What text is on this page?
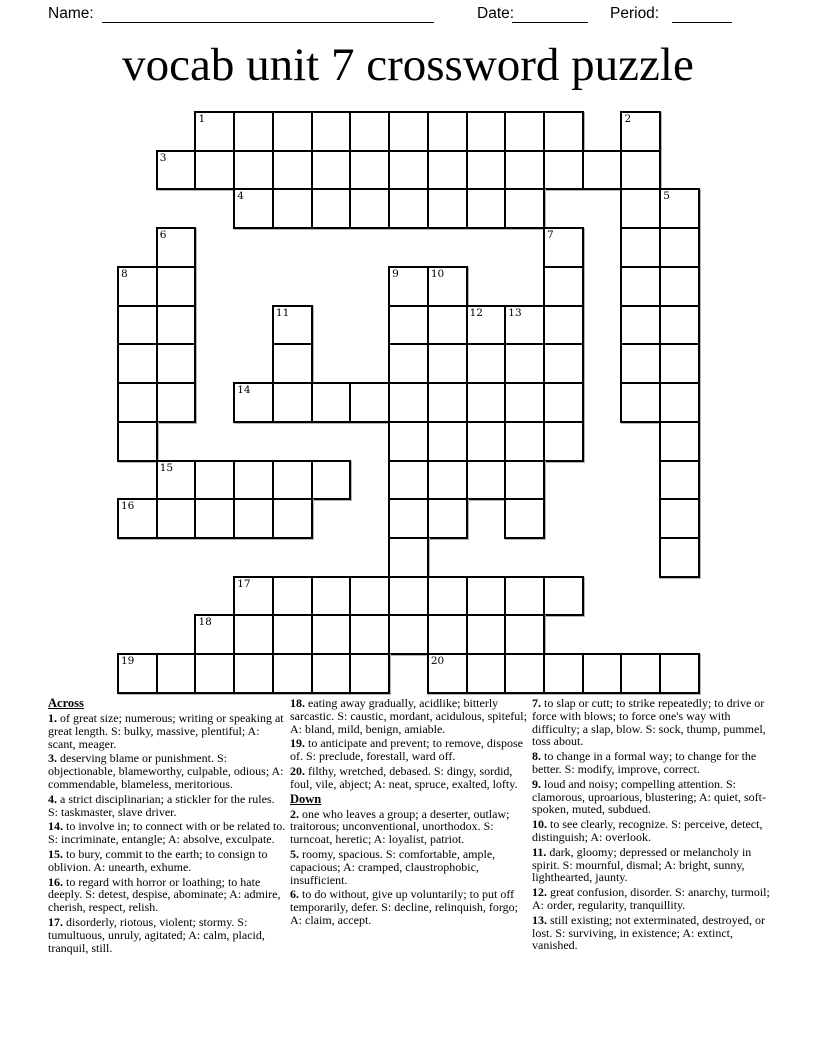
Name:	Date:	Period:
vocab unit 7 crossword puzzle
1	2
3
4	5
6	7
8	9	10
11	12 13
14
15
16
17
18
19	20
Across

1. of great size; numerous; writing or speaking at great length. S: bulky, massive, plentiful; A: scant, meager.

3. deserving blame or punishment. S: objectionable, blameworthy, culpable, odious; A: commendable, blameless, meritorious.

4. a strict disciplinarian; a stickler for the rules. S: taskmaster, slave driver.

14. to involve in; to connect with or be related to. S: incriminate, entangle; A: absolve, exculpate.

15. to bury, commit to the earth; to consign to oblivion. A: unearth, exhume.

16. to regard with horror or loathing; to hate deeply. S: detest, despise, abominate; A: admire, cherish, respect, relish.

17. disorderly, riotous, violent; stormy. S: tumultuous, unruly, agitated; A: calm, placid, tranquil, still.

18. eating away gradually, acidlike; bitterly sarcastic. S: caustic, mordant, acidulous, spiteful; A: bland, mild, benign, amiable.

19. to anticipate and prevent; to remove, dispose of. S: preclude, forestall, ward off.

20. filthy, wretched, debased. S: dingy, sordid, foul, vile, abject; A: neat, spruce, exalted, lofty.

Down

2. one who leaves a group; a deserter, outlaw; traitorous; unconventional, unorthodox. S: turncoat, heretic; A: loyalist, patriot.

5. roomy, spacious. S: comfortable, ample, capacious; A: cramped, claustrophobic, insufficient.

6. to do without, give up voluntarily; to put off temporarily, defer. S: decline, relinquish, forgo; A: claim, accept.

7. to slap or cutt; to strike repeatedly; to drive or force with blows; to force one's way with difficulty; a slap, blow. S: sock, thump, pummel, toss about.

8. to change in a formal way; to change for the better. S: modify, improve, correct.

9. loud and noisy; compelling attention. S: clamorous, uproarious, blustering; A: quiet, soft-spoken, muted, subdued.

10. to see clearly, recognize. S: perceive, detect, distinguish; A: overlook.

11. dark, gloomy; depressed or melancholy in spirit. S: mournful, dismal; A: bright, sunny, lighthearted, jaunty.

12. great confusion, disorder. S: anarchy, turmoil; A: order, regularity, tranquillity.

13. still existing; not exterminated, destroyed, or lost. S: surviving, in existence; A: extinct, vanished.
